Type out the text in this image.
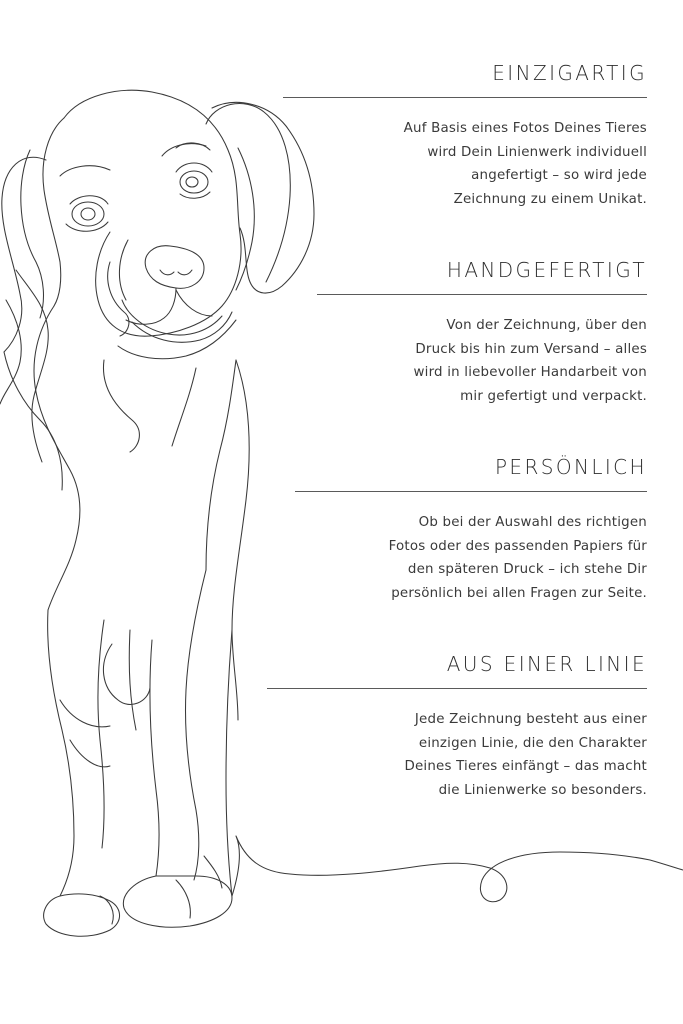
EINZIGARTIG
Auf Basis eines Fotos Deines Tieres
wird Dein Linienwerk individuell
angefertigt – so wird jede
Zeichnung zu einem Unikat.
HANDGEFERTIGT
Von der Zeichnung, über den
Druck bis hin zum Versand – alles
wird in liebevoller Handarbeit von
mir gefertigt und verpackt.
PERSÖNLICH
Ob bei der Auswahl des richtigen
Fotos oder des passenden Papiers für
den späteren Druck – ich stehe Dir
persönlich bei allen Fragen zur Seite.
AUS EINER LINIE
Jede Zeichnung besteht aus einer
einzigen Linie, die den Charakter
Deines Tieres einfängt – das macht
die Linienwerke so besonders.
